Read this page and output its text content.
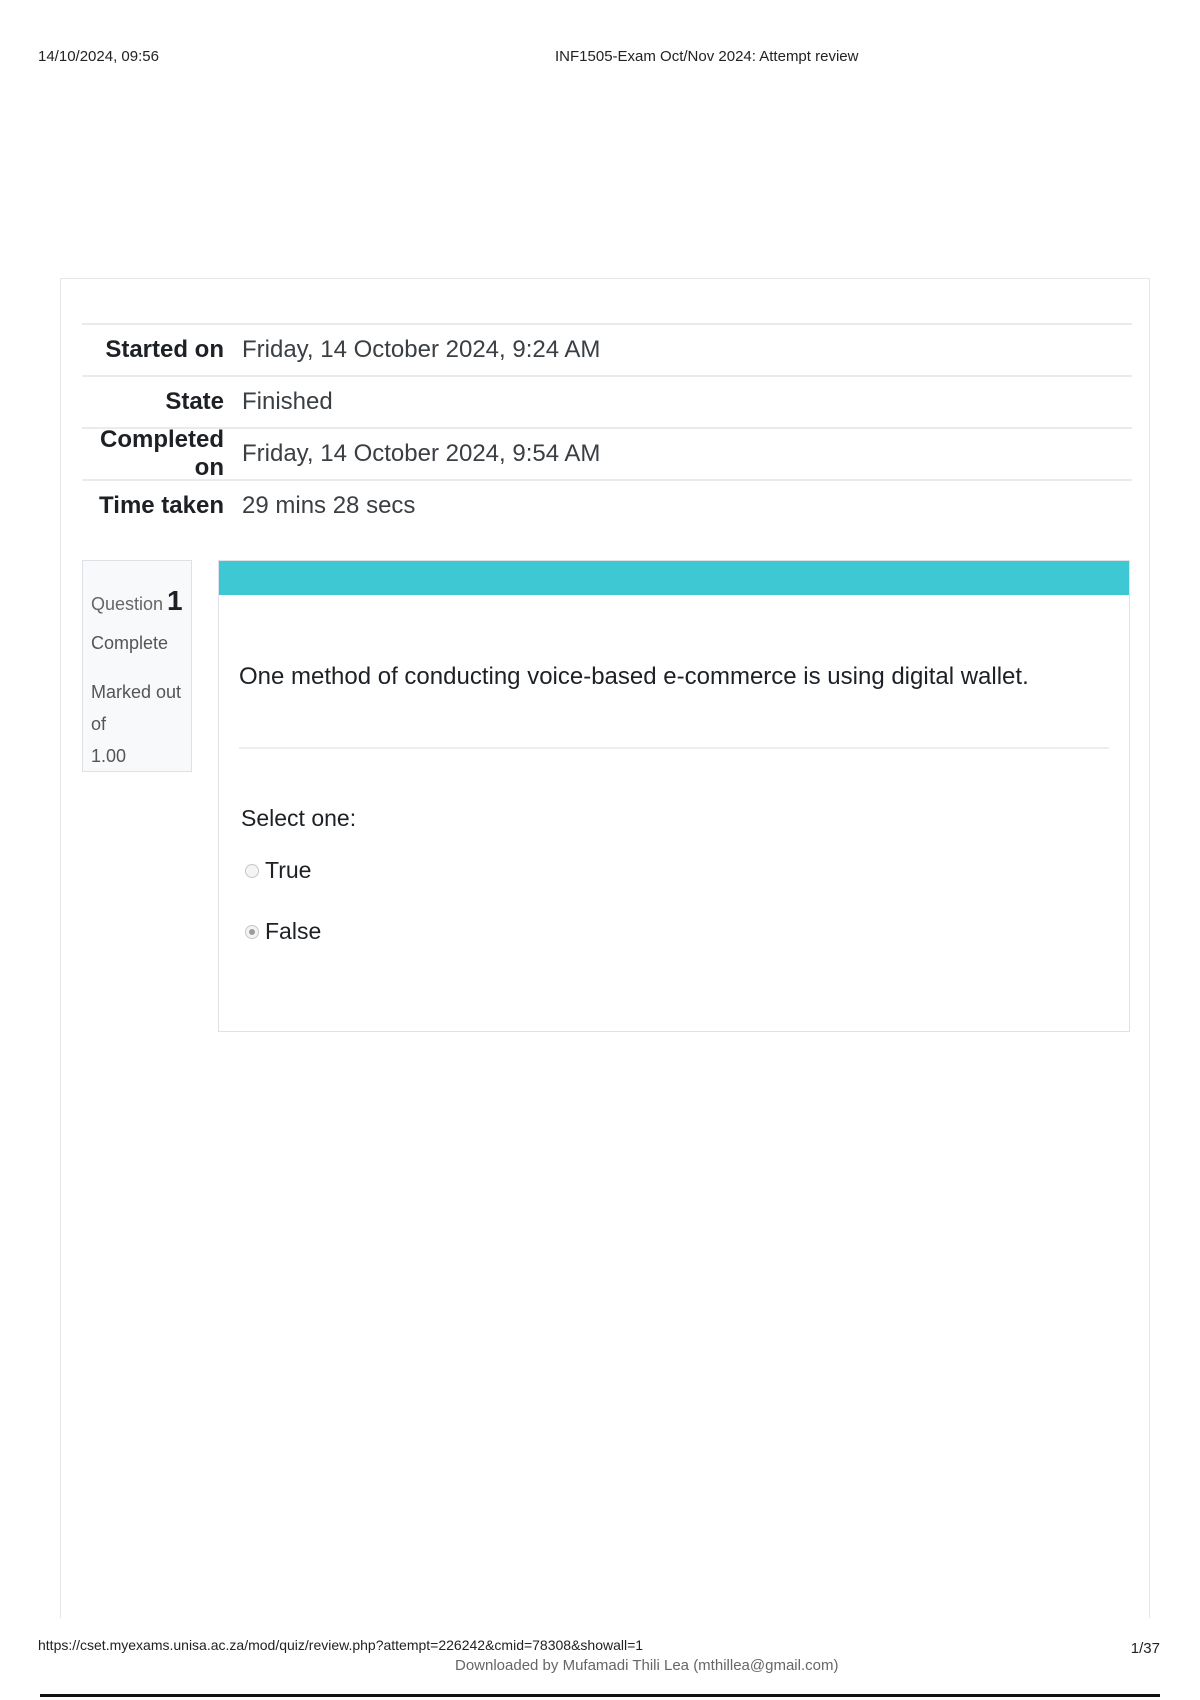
14/10/2024, 09:56	INF1505-Exam Oct/Nov 2024: Attempt review
Started on Friday, 14 October 2024, 9:24 AM
State Finished
Completed on
Friday, 14 October 2024, 9:54 AM
Time taken 29 mins 28 secs
Question 1
Complete
Marked out of
1.00
One method of conducting voice-based e-commerce is using digital wallet.
Select one:
True
False
https://cset.myexams.unisa.ac.za/mod/quiz/review.php?attempt=226242&cmid=78308&showall=1	1/37
Downloaded by Mufamadi Thili Lea (mthillea@gmail.com)
